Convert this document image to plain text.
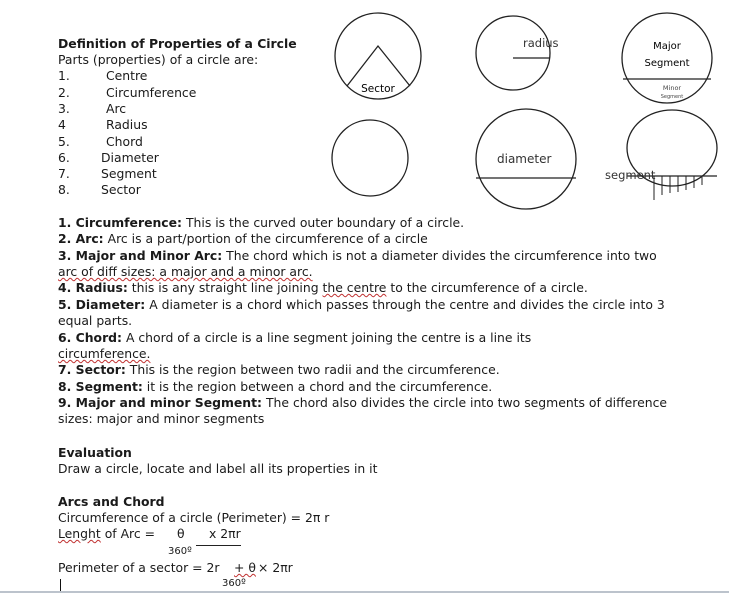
Definition of Properties of a Circle
Parts (properties) of a circle are:
1.	Centre
2.	Circumference
3.	Arc
4	Radius
5.	Chord
6.	Diameter
7.	Segment
8.	Sector
Sector
radius	Major
Segment
Minor
Segment
diameter
segment
1. Circumference: This is the curved outer boundary of a circle.
2. Arc: Arc is a part/portion of the circumference of a circle
3. Major and Minor Arc: The chord which is not a diameter divides the circumference into two
arc of diff sizes: a major and a minor arc.
4. Radius: this is any straight line joining the centre to the circumference of a circle.
5. Diameter: A diameter is a chord which passes through the centre and divides the circle into 3
equal parts.
6. Chord: A chord of a circle is a line segment joining the centre is a line its
circumference.
7. Sector: This is the region between two radii and the circumference.
8. Segment: it is the region between a chord and the circumference.
9. Major and minor Segment: The chord also divides the circle into two segments of difference
sizes: major and minor segments
Evaluation
Draw a circle, locate and label all its properties in it
Arcs and Chord
Circumference of a circle (Perimeter) = 2π r
Lenght of Arc = θ x 2πr
360º
Perimeter of a sector = 2r + θ × 2πr
360º
